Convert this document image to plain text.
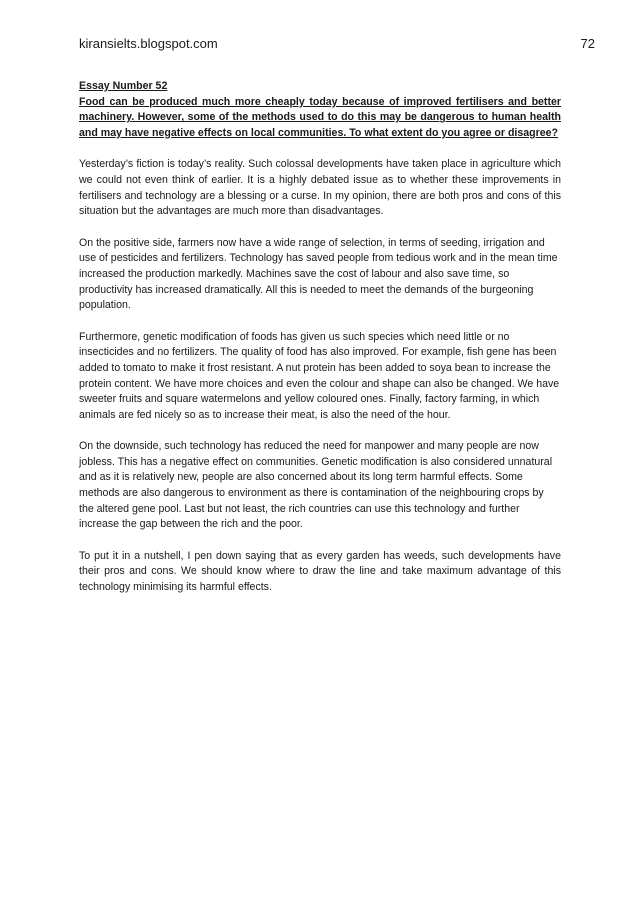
kiransielts.blogspot.com	72

Essay Number 52

Food can be produced much more cheaply today because of improved fertilisers and better machinery. However, some of the methods used to do this may be dangerous to human health and may have negative effects on local communities. To what extent do you agree or disagree?

Yesterday’s fiction is today’s reality. Such colossal developments have taken place in agriculture which we could not even think of earlier. It is a highly debated issue as to whether these improvements in fertilisers and technology are a blessing or a curse. In my opinion, there are both pros and cons of this situation but the advantages are much more than disadvantages.

On the positive side, farmers now have a wide range of selection, in terms of seeding, irrigation and use of pesticides and fertilizers. Technology has saved people from tedious work and in the mean time increased the production markedly. Machines save the cost of labour and also save time, so productivity has increased dramatically. All this is needed to meet the demands of the burgeoning population.

Furthermore, genetic modification of foods has given us such species which need little or no insecticides and no fertilizers. The quality of food has also improved. For example, fish gene has been added to tomato to make it frost resistant. A nut protein has been added to soya bean to increase the protein content. We have more choices and even the colour and shape can also be changed. We have sweeter fruits and square watermelons and yellow coloured ones. Finally, factory farming, in which animals are fed nicely so as to increase their meat, is also the need of the hour.

On the downside, such technology has reduced the need for manpower and many people are now jobless. This has a negative effect on communities. Genetic modification is also considered unnatural and as it is relatively new, people are also concerned about its long term harmful effects. Some methods are also dangerous to environment as there is contamination of the neighbouring crops by the altered gene pool. Last but not least, the rich countries can use this technology and further increase the gap between the rich and the poor.

To put it in a nutshell, I pen down saying that as every garden has weeds, such developments have their pros and cons. We should know where to draw the line and take maximum advantage of this technology minimising its harmful effects.
